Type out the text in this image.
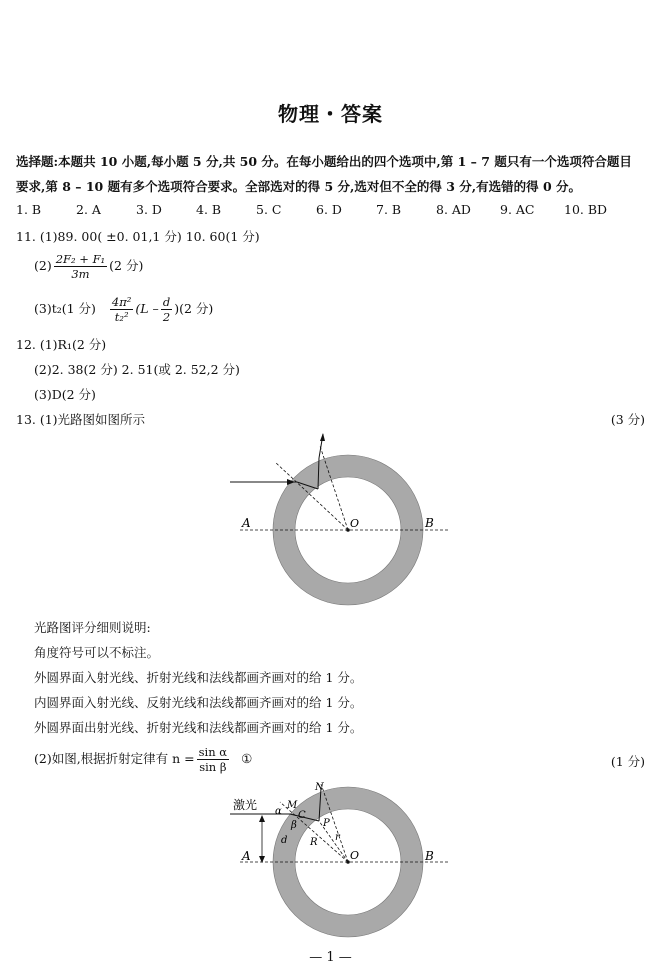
物理・答案
选择题:本题共 10 小题,每小题 5 分,共 50 分。在每小题给出的四个选项中,第 1 – 7 题只有一个选项符合题目
要求,第 8 – 10 题有多个选项符合要求。全部选对的得 5 分,选对但不全的得 3 分,有选错的得 0 分。
1. B	2. A	3. D	4. B	5. C	6. D	7. B	8. AD 9. AC 10. BD
11. (1)89. 00( ±0. 01,1 分) 10. 60(1 分)
$(2) \frac{\text{2F₂ + F₁}}{3m} (2$ 分)
(3)t₂(1 分) $\frac{\text{4π²}}{\text{t₂²}} (L - \frac{d}{2} )(2$ 分)
12. (1)R₁(2 分)
(2)2. 38(2 分) 2. 51(或 2. 52,2 分)
(3)D(2 分)
13. (1)光路图如图所示	(3 分)
A	B
O
光路图评分细则说明:
角度符号可以不标注。
外圆界面入射光线、折射光线和法线都画齐画对的给 1 分。
内圆界面入射光线、反射光线和法线都画齐画对的给 1 分。
外圆界面出射光线、折射光线和法线都画齐画对的给 1 分。
(2)如图,根据折射定律有 $n = \frac{\text{sin α}}{\text{sin β}}$ ①	(1 分)
激光
A	B
O
M
N
C
P
R r
d
α
β
— 1 —
